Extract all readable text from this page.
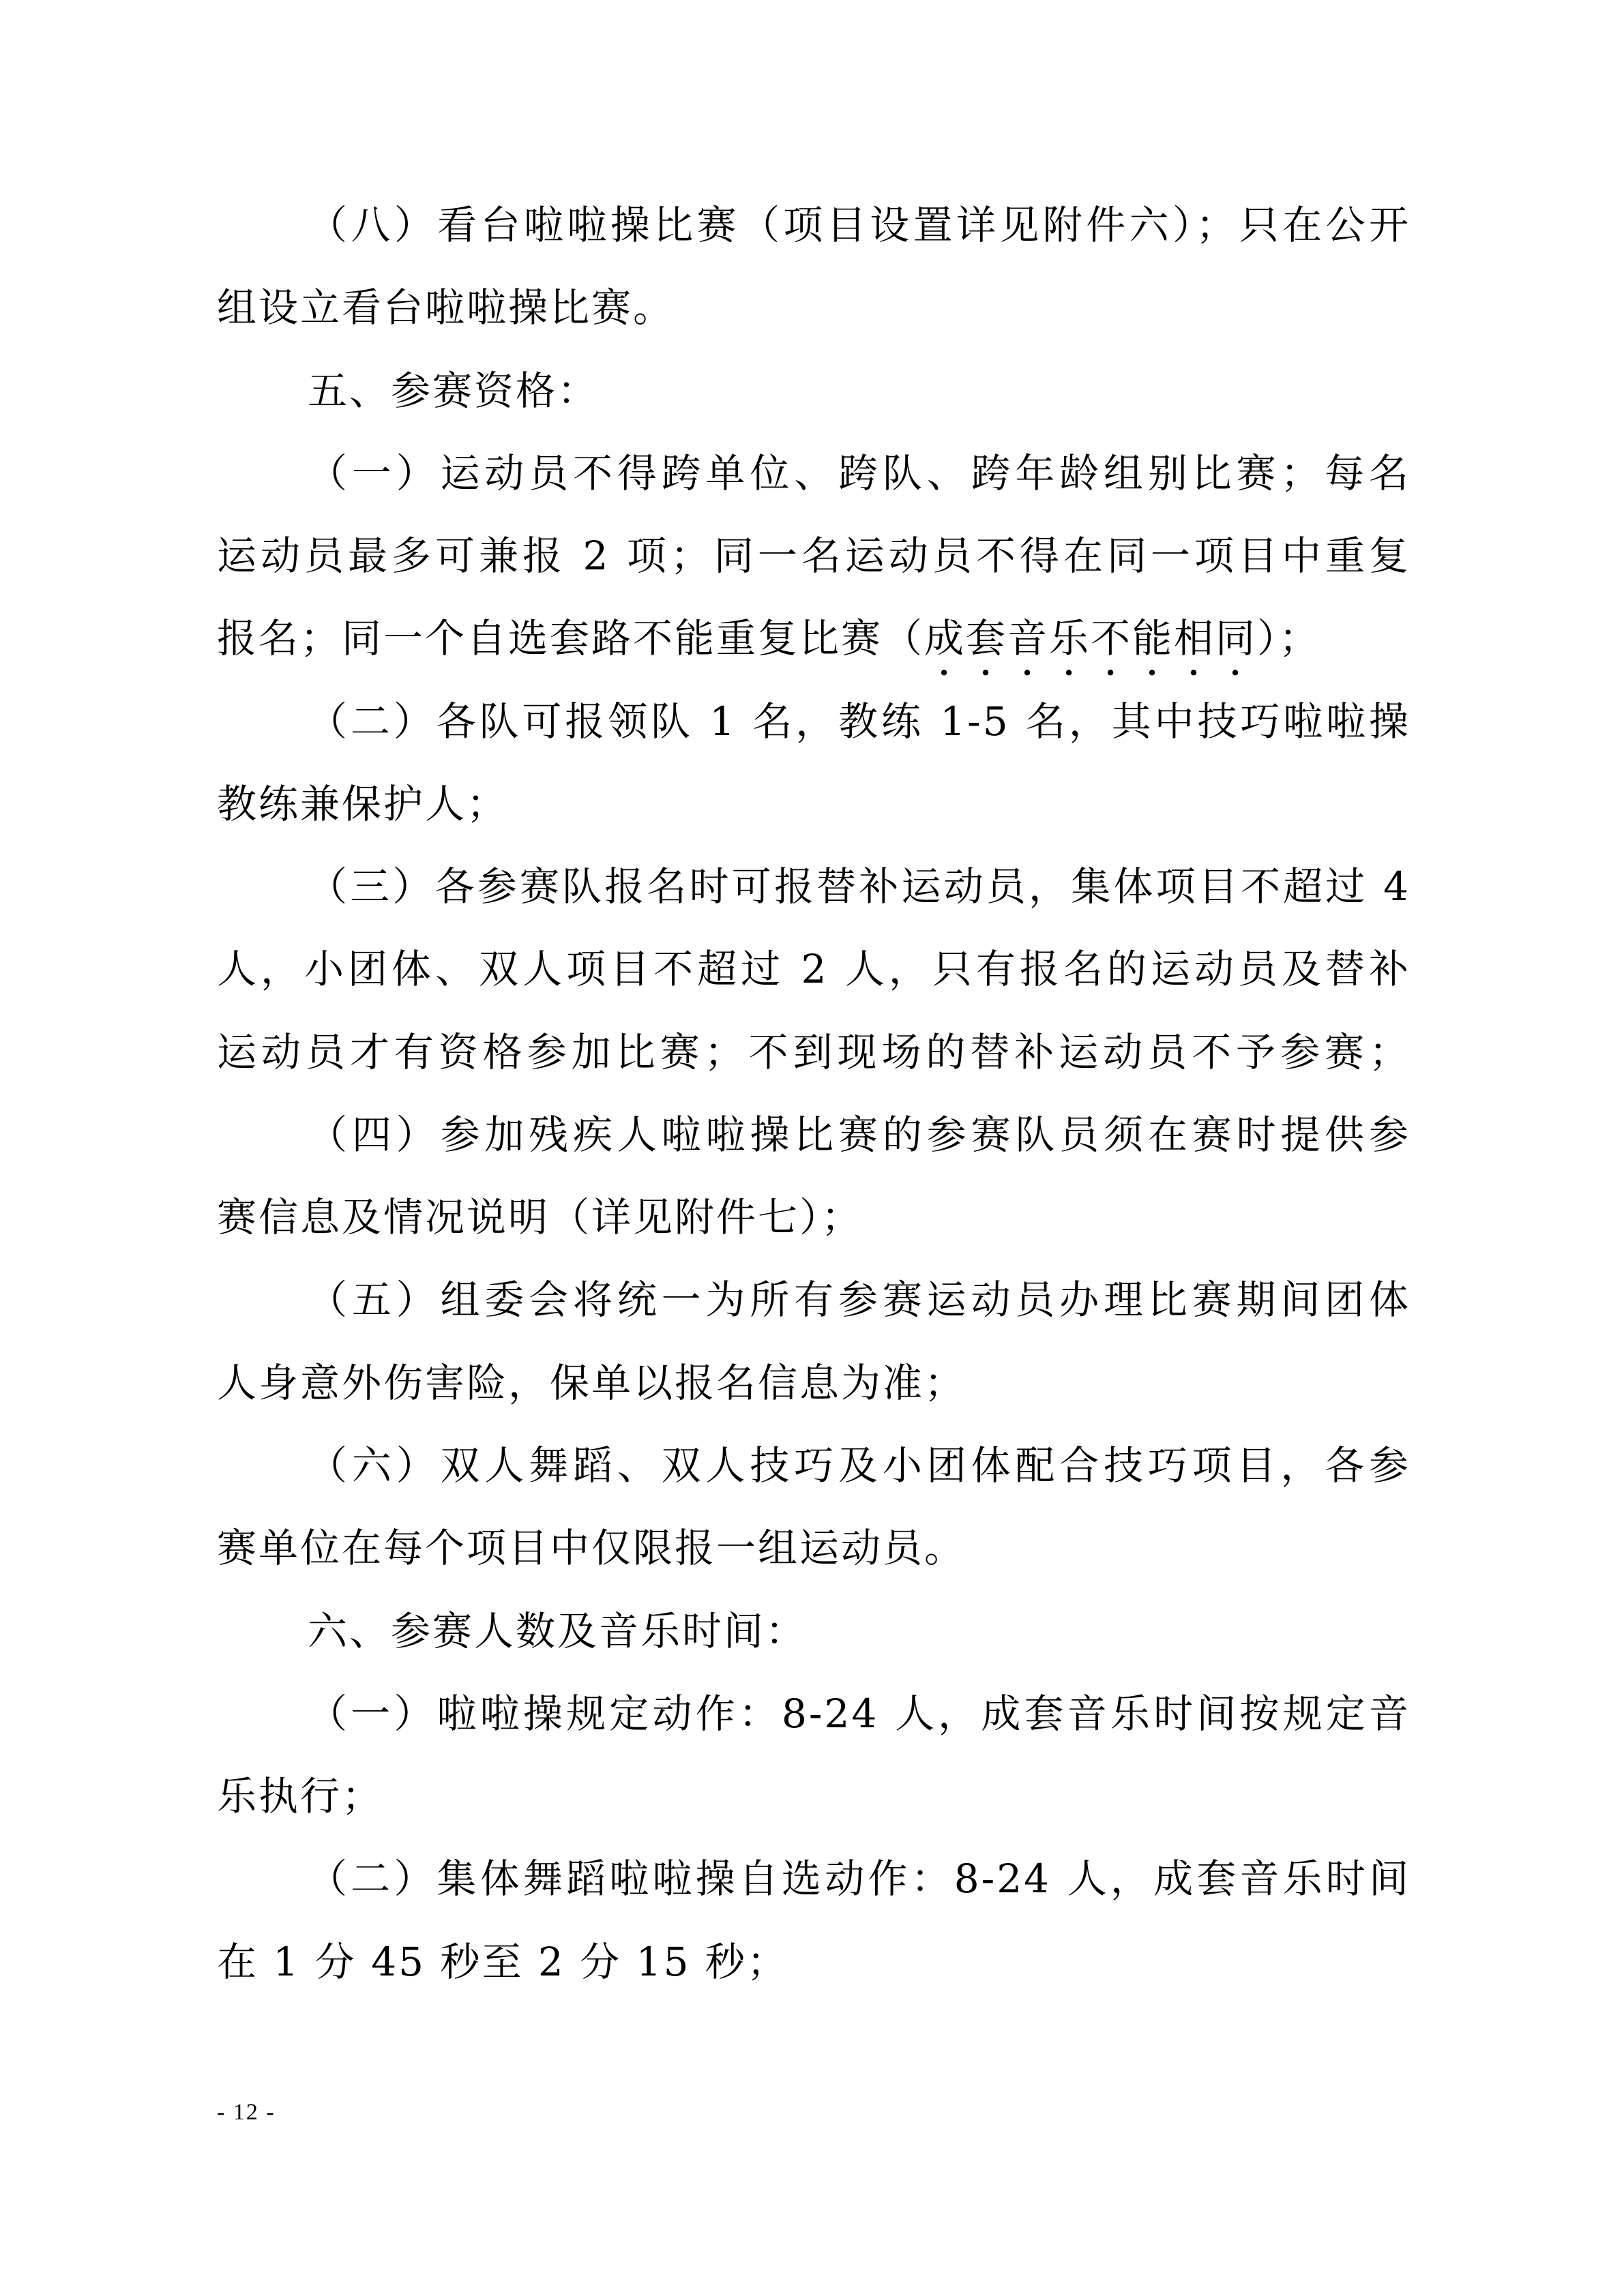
（八）看台啦啦操比赛（项目设置详见附件六）；只在公开
组设立看台啦啦操比赛。
五、参赛资格：
（一）运动员不得跨单位、跨队、跨年龄组别比赛；每名
运动员最多可兼报 2 项；同一名运动员不得在同一项目中重复
报名；同一个自选套路不能重复比赛（成套音乐不能相同）；
（二）各队可报领队 1 名，教练 1-5 名，其中技巧啦啦操
教练兼保护人；
（三）各参赛队报名时可报替补运动员，集体项目不超过 4
人，小团体、双人项目不超过 2 人，只有报名的运动员及替补
运动员才有资格参加比赛；不到现场的替补运动员不予参赛；
（四）参加残疾人啦啦操比赛的参赛队员须在赛时提供参
赛信息及情况说明（详见附件七）；
（五）组委会将统一为所有参赛运动员办理比赛期间团体
人身意外伤害险，保单以报名信息为准；
（六）双人舞蹈、双人技巧及小团体配合技巧项目，各参
赛单位在每个项目中仅限报一组运动员。
六、参赛人数及音乐时间：
（一）啦啦操规定动作：8-24 人，成套音乐时间按规定音
乐执行；
（二）集体舞蹈啦啦操自选动作：8-24 人，成套音乐时间
在 1 分 45 秒至 2 分 15 秒；
- 12 -
